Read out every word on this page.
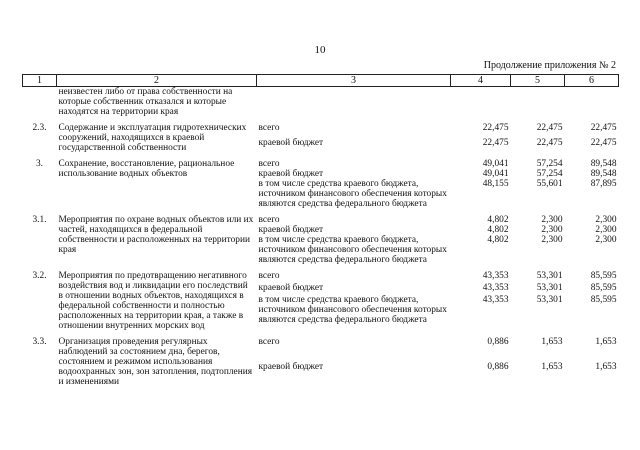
10
Продолжение приложения № 2
1	2	3	4	5	6
	неизвестен либо от права собственности на которые собственник отказался и которые находятся на территории края				

2.3.	Содержание и эксплуатация гидротехнических сооружений, находящихся в краевой государственной собственности	всего	22,475	22,475	22,475
		краевой бюджет	22,475	22,475	22,475

3.	Сохранение, восстановление, рациональное использование водных объектов	всего	49,041	57,254	89,548
		краевой бюджет	49,041	57,254	89,548
		в том числе средства краевого бюджета, источником финансового обеспечения которых являются средства федерального бюджета	48,155	55,601	87,895

3.1.	Мероприятия по охране водных объектов или их частей, находящихся в федеральной собственности и расположенных на территории края	всего	4,802	2,300	2,300
		краевой бюджет	4,802	2,300	2,300
		в том числе средства краевого бюджета, источником финансового обеспечения которых являются средства федерального бюджета	4,802	2,300	2,300

3.2.	Мероприятия по предотвращению негативного воздействия вод и ликвидации его последствий в отношении водных объектов, находящихся в федеральной собственности и полностью расположенных на территории края, а также в отношении внутренних морских вод	всего	43,353	53,301	85,595
		краевой бюджет	43,353	53,301	85,595
		в том числе средства краевого бюджета, источником финансового обеспечения которых являются средства федерального бюджета	43,353	53,301	85,595

3.3.	Организация проведения регулярных наблюдений за состоянием дна, берегов, состоянием и режимом использования водоохранных зон, зон затопления, подтопления и изменениями	всего	0,886	1,653	1,653
		краевой бюджет	0,886	1,653	1,653
